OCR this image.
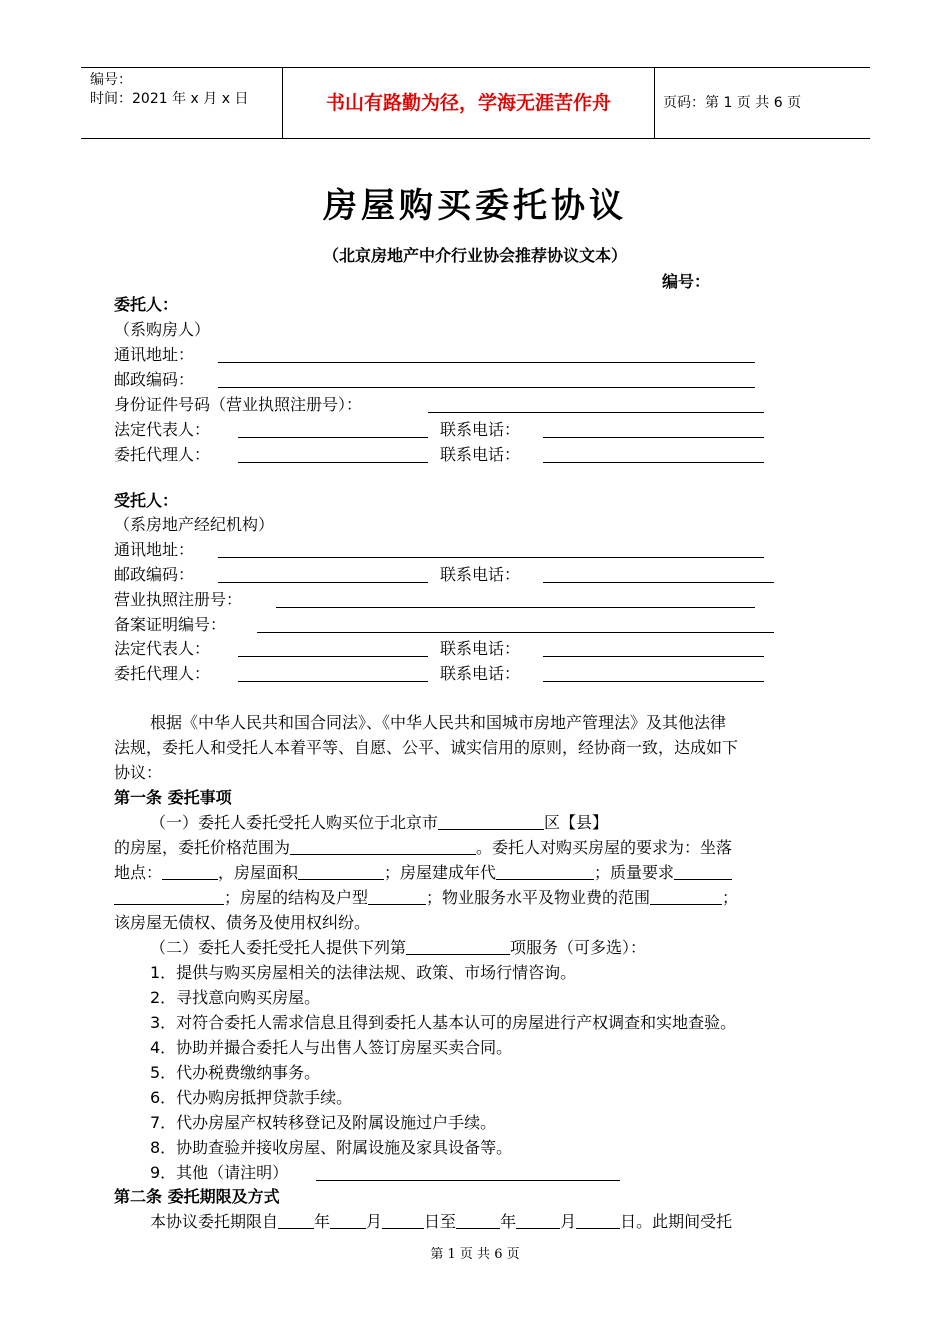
编号：
时间：2021 年 x 月 x 日	书山有路勤为径，学海无涯苦作舟	页码：第 1 页 共 6 页
房屋购买委托协议
（北京房地产中介行业协会推荐协议文本）
编号：
委托人：
（系购房人）
通讯地址：
邮政编码：
身份证件号码（营业执照注册号）：
法定代表人：	联系电话：
委托代理人：	联系电话：
受托人：
（系房地产经纪机构）
通讯地址：
邮政编码：	联系电话：
营业执照注册号：
备案证明编号：
法定代表人：	联系电话：
委托代理人：	联系电话：
根据《中华人民共和国合同法》、《中华人民共和国城市房地产管理法》及其他法律
法规，委托人和受托人本着平等、自愿、公平、诚实信用的原则，经协商一致，达成如下
协议：
第一条 委托事项
（一）委托人委托受托人购买位于北京市	区【县】
的房屋，委托价格范围为	。委托人对购买房屋的要求为：坐落
地点：	，房屋面积	；房屋建成年代	；质量要求
；房屋的结构及户型	；物业服务水平及物业费的范围	；
该房屋无债权、债务及使用权纠纷。
（二）委托人委托受托人提供下列第	项服务（可多选）：
1．提供与购买房屋相关的法律法规、政策、市场行情咨询。
2．寻找意向购买房屋。
3．对符合委托人需求信息且得到委托人基本认可的房屋进行产权调查和实地查验。
4．协助并撮合委托人与出售人签订房屋买卖合同。
5．代办税费缴纳事务。
6．代办购房抵押贷款手续。
7．代办房屋产权转移登记及附属设施过户手续。
8．协助查验并接收房屋、附属设施及家具设备等。
9．其他（请注明）
第二条 委托期限及方式
本协议委托期限自 年 月	日至	年	月	日。此期间受托
第 1 页 共 6 页
